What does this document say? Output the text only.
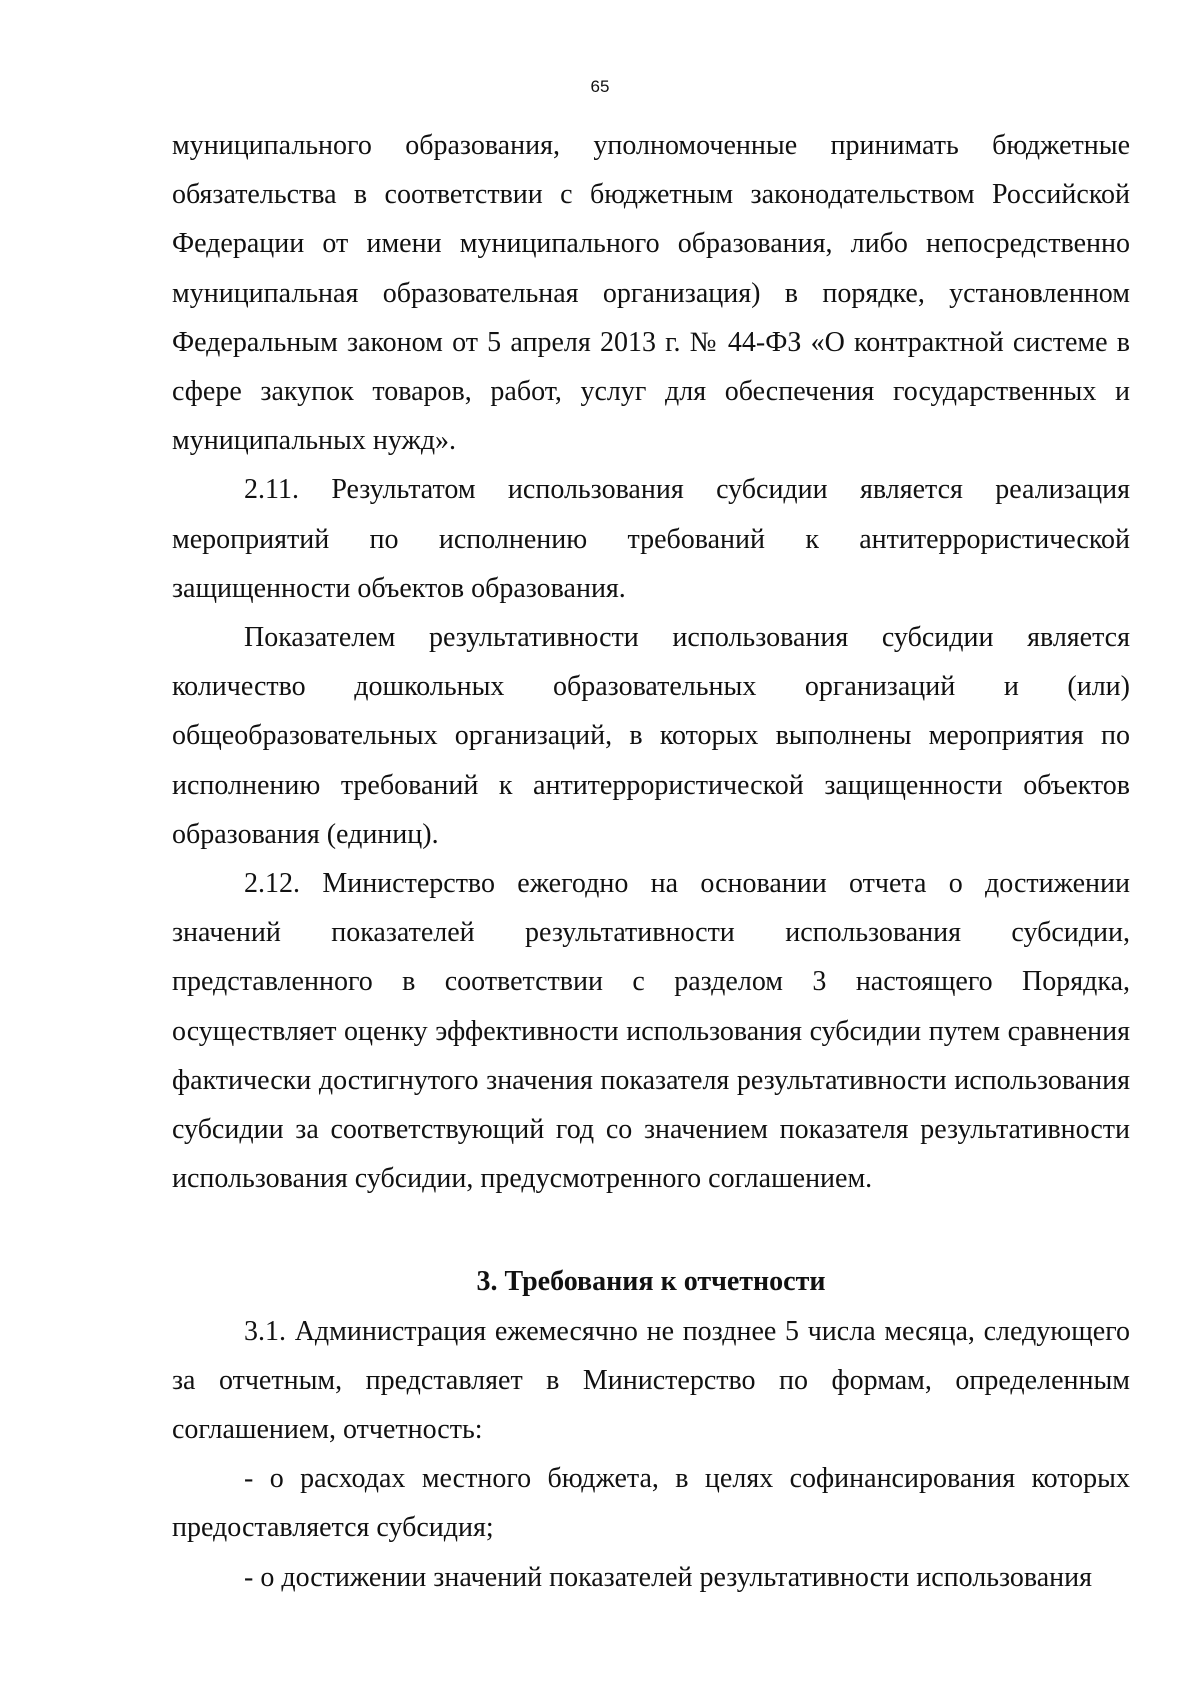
65

муниципального образования, уполномоченные принимать бюджетные обязательства в соответствии с бюджетным законодательством Российской Федерации от имени муниципального образования, либо непосредственно муниципальная образовательная организация) в порядке, установленном Федеральным законом от 5 апреля 2013 г. № 44-ФЗ «О контрактной системе в сфере закупок товаров, работ, услуг для обеспечения государственных и муниципальных нужд».

2.11. Результатом использования субсидии является реализация мероприятий по исполнению требований к антитеррористической защищенности объектов образования.

Показателем результативности использования субсидии является количество дошкольных образовательных организаций и (или) общеобразовательных организаций, в которых выполнены мероприятия по исполнению требований к антитеррористической защищенности объектов образования (единиц).

2.12. Министерство ежегодно на основании отчета о достижении значений показателей результативности использования субсидии, представленного в соответствии с разделом 3 настоящего Порядка, осуществляет оценку эффективности использования субсидии путем сравнения фактически достигнутого значения показателя результативности использования субсидии за соответствующий год со значением показателя результативности использования субсидии, предусмотренного соглашением.

3. Требования к отчетности

3.1. Администрация ежемесячно не позднее 5 числа месяца, следующего за отчетным, представляет в Министерство по формам, определенным соглашением, отчетность:

- о расходах местного бюджета, в целях софинансирования которых предоставляется субсидия;

- о достижении значений показателей результативности использования
